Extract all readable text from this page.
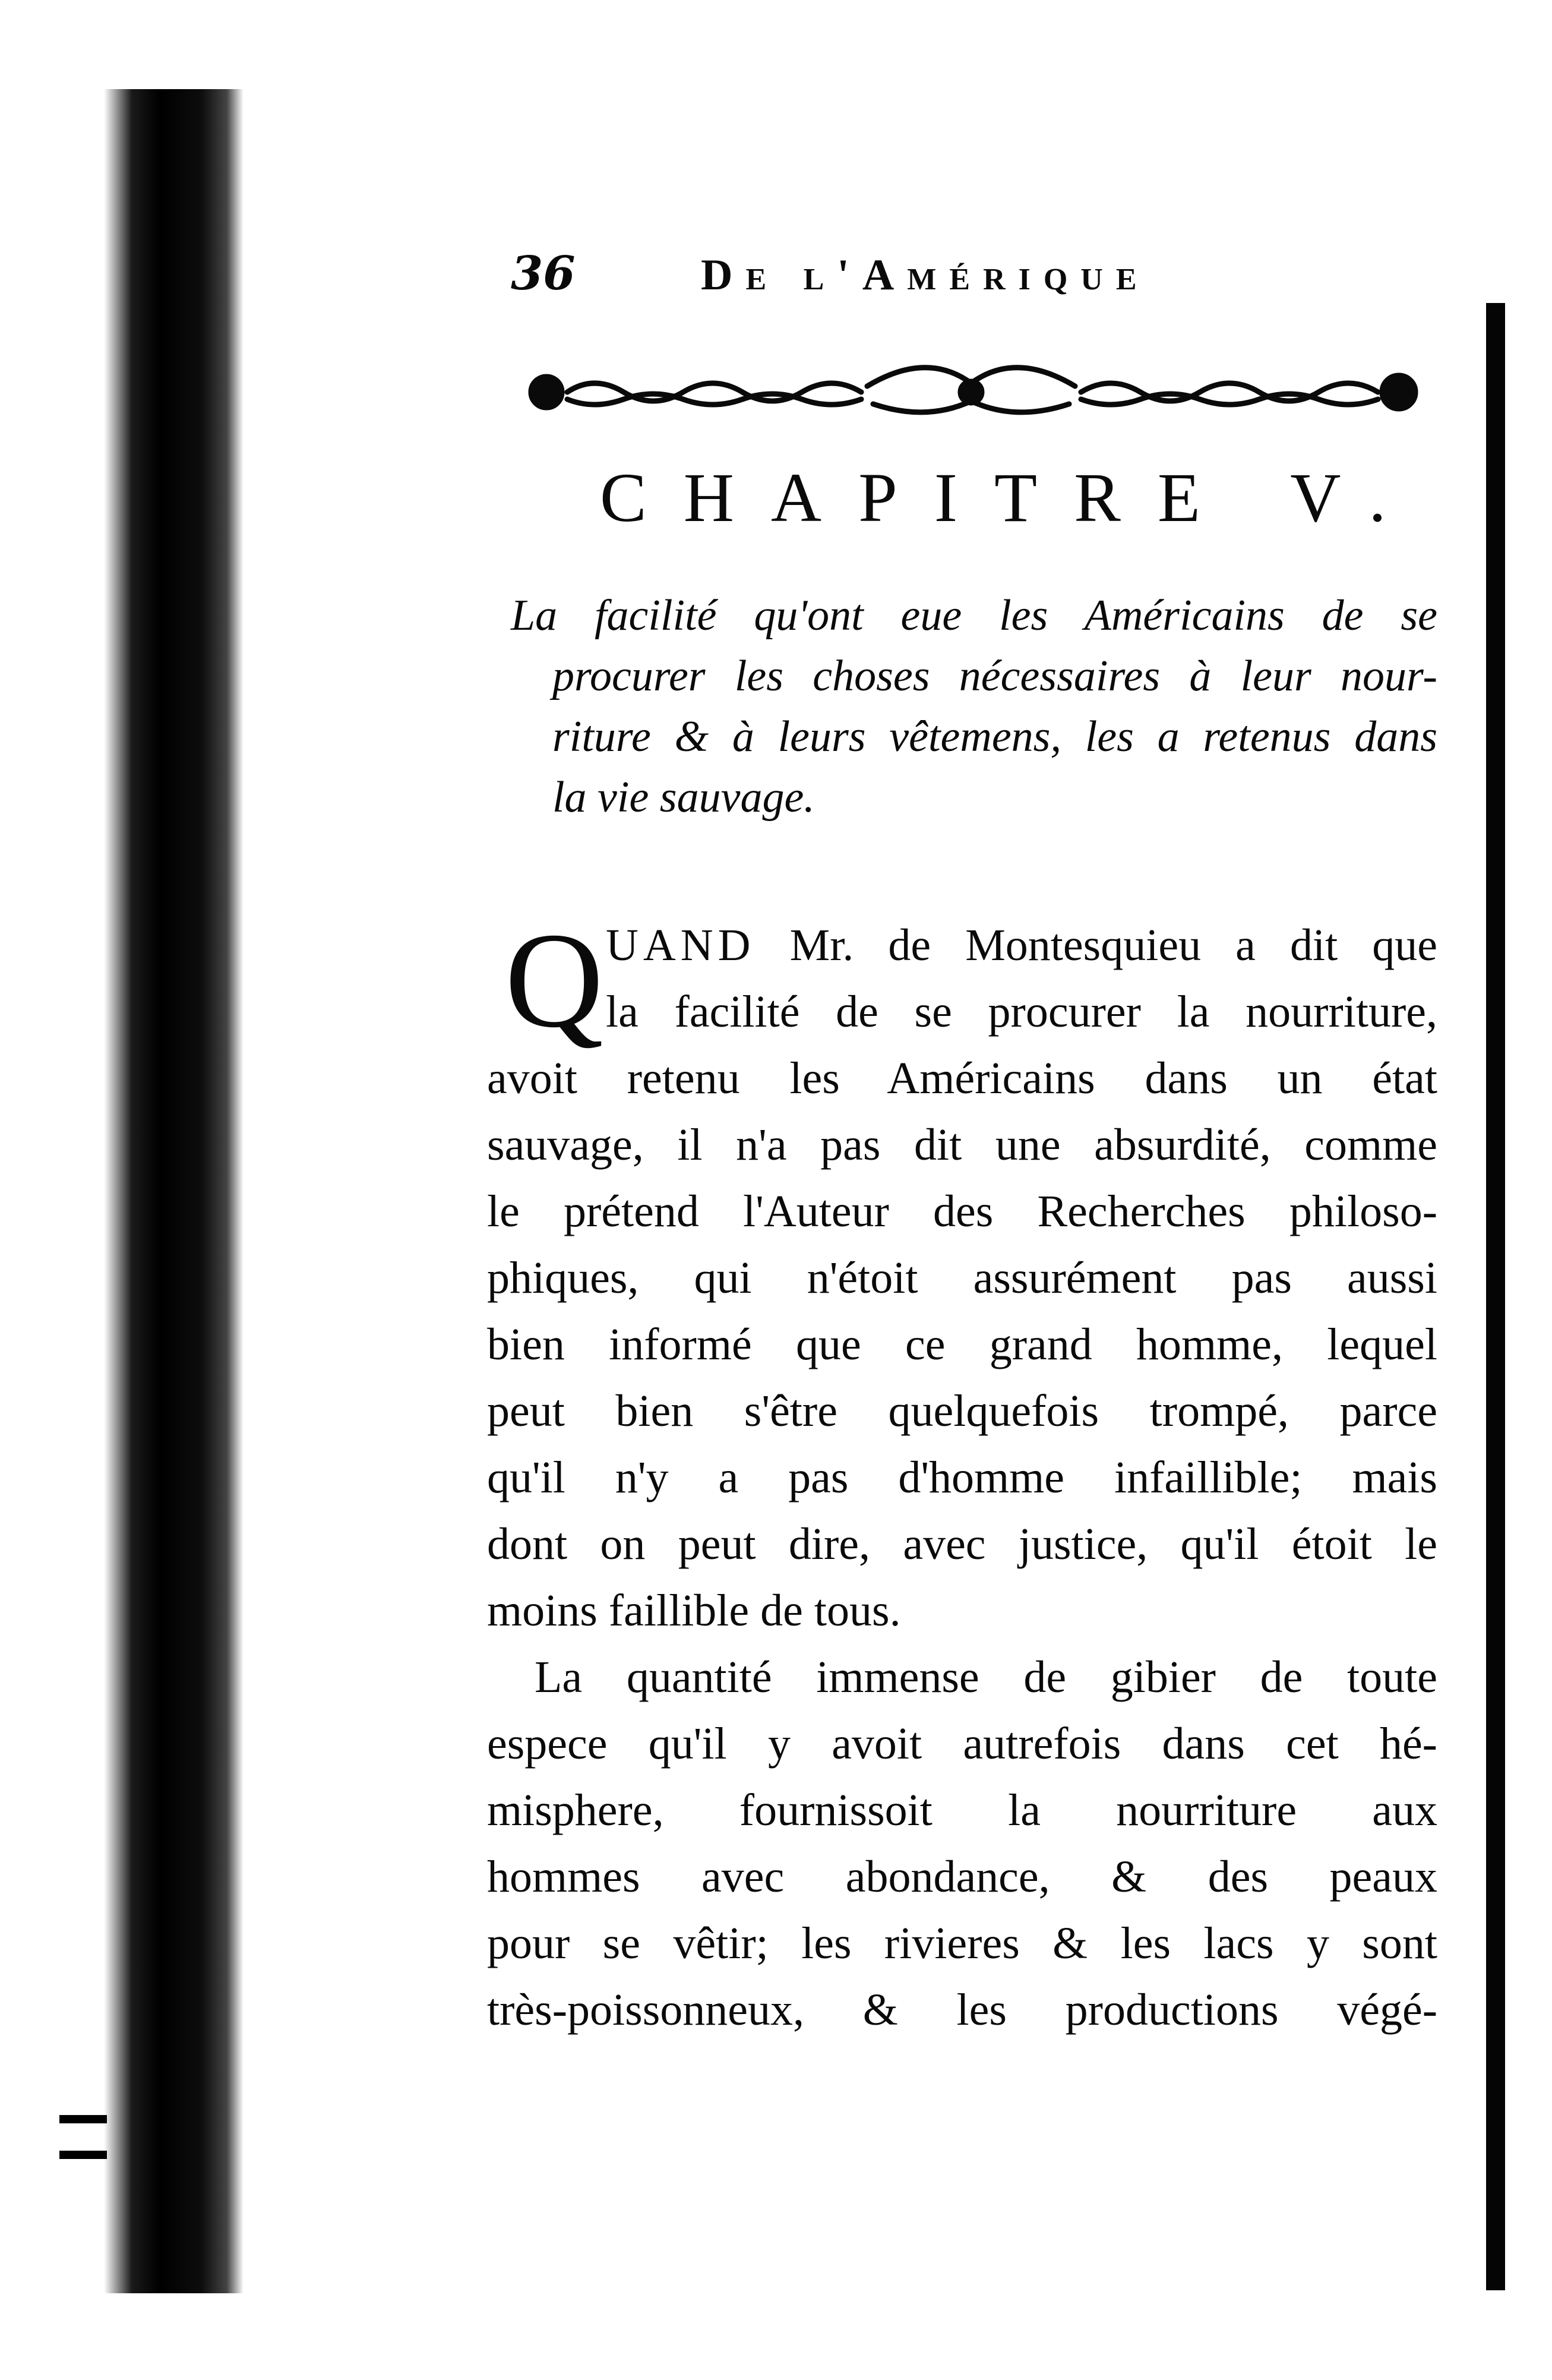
36	De l'Amérique
CHAPITRE V.
La facilité qu'ont eue les Américains de se
procurer les choses nécessaires à leur nour-
riture & à leurs vêtemens, les a retenus dans
la vie sauvage.
Q UAND Mr. de Montesquieu a dit que
la facilité de se procurer la nourriture,
avoit retenu les Américains dans un état
sauvage, il n'a pas dit une absurdité, comme
le prétend l'Auteur des Recherches philoso-
phiques, qui n'étoit assurément pas aussi
bien informé que ce grand homme, lequel
peut bien s'être quelquefois trompé, parce
qu'il n'y a pas d'homme infaillible; mais
dont on peut dire, avec justice, qu'il étoit le
moins faillible de tous.
La quantité immense de gibier de toute
espece qu'il y avoit autrefois dans cet hé-
misphere, fournissoit la nourriture aux
hommes avec abondance, & des peaux
pour se vêtir; les rivieres & les lacs y sont
très-poissonneux, & les productions végé-
